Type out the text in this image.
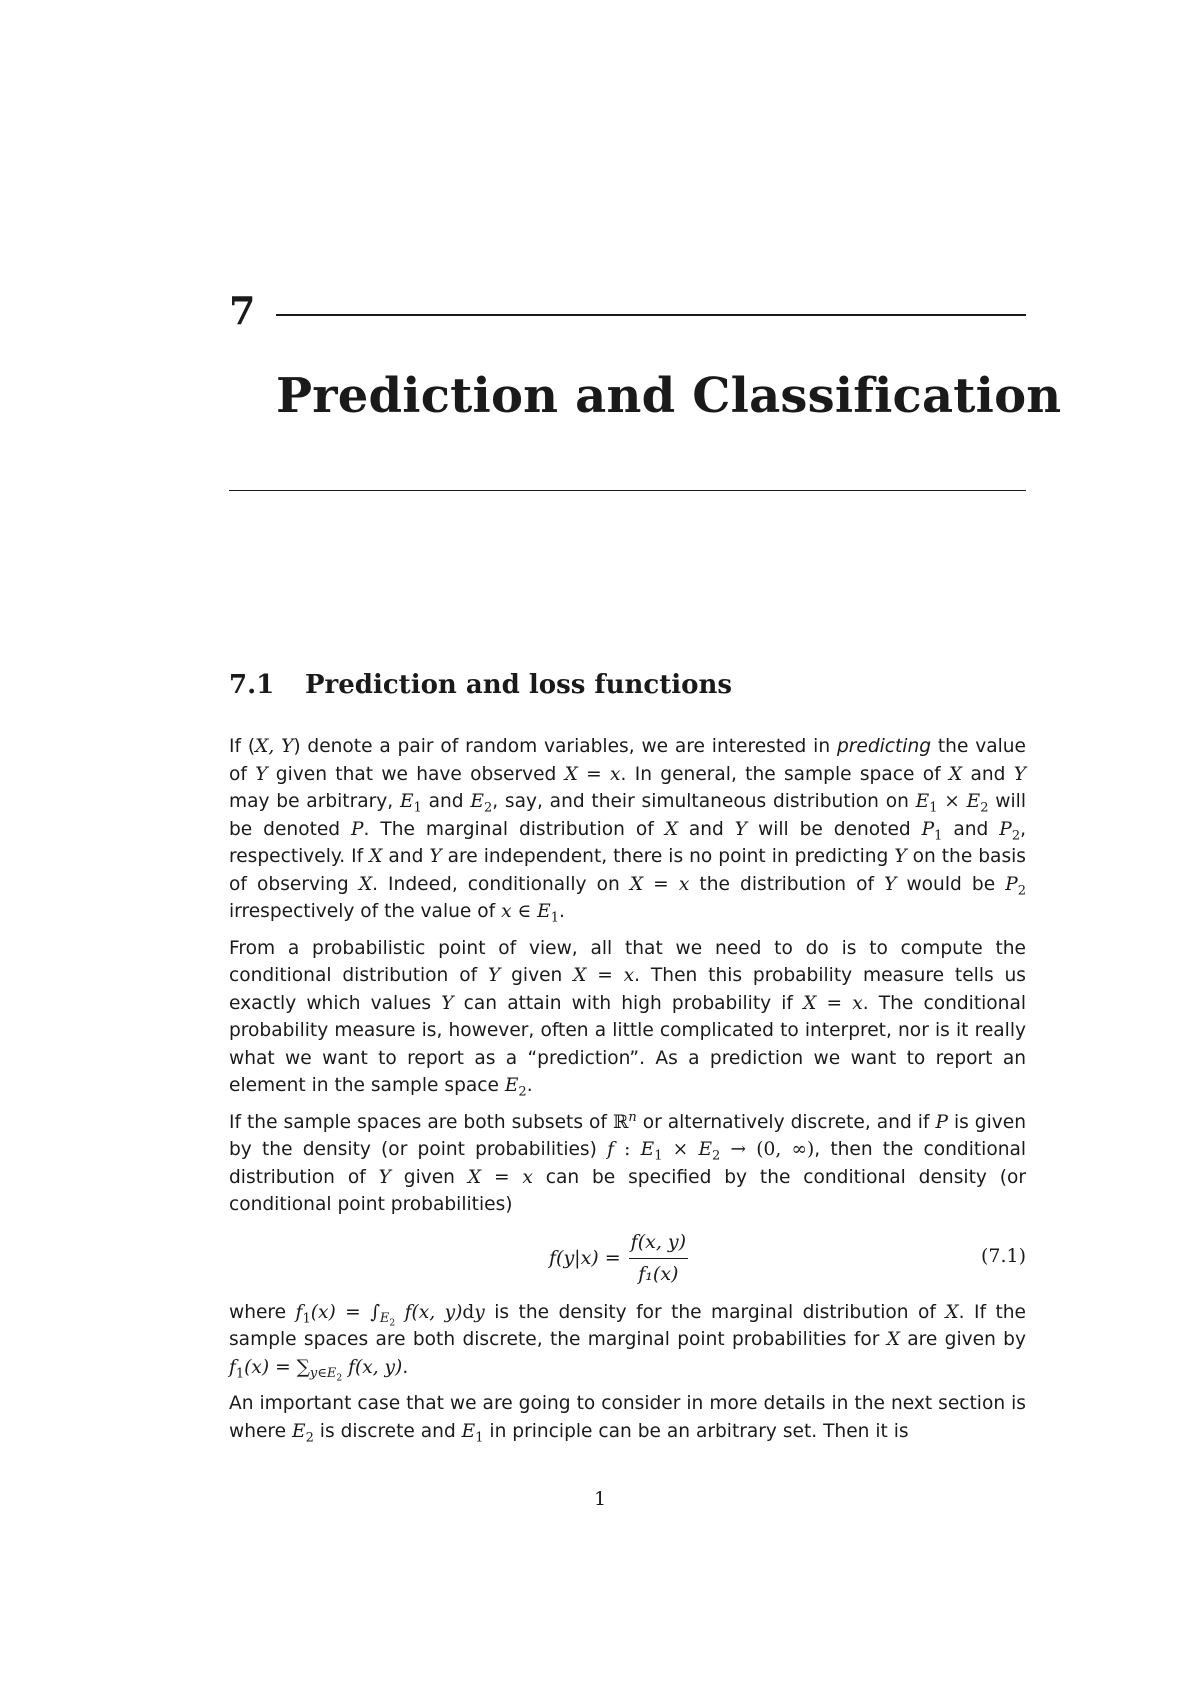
7
Prediction and Classification
7.1 Prediction and loss functions

If (X, Y) denote a pair of random variables, we are interested in predicting the value of Y given that we have observed X = x. In general, the sample space of X and Y may be arbitrary, $E_1$ and $E_2$, say, and their simultaneous distribution on $E_1 \times E_2$ will be denoted P. The marginal distribution of X and Y will be denoted $P_1$ and $P_2$, respectively. If X and Y are independent, there is no point in predicting Y on the basis of observing X. Indeed, conditionally on X = x the distribution of Y would be $P_2$ irrespectively of the value of x ∈ $E_1$.

From a probabilistic point of view, all that we need to do is to compute the conditional distribution of Y given X = x. Then this probability measure tells us exactly which values Y can attain with high probability if X = x. The conditional probability measure is, however, often a little complicated to interpret, nor is it really what we want to report as a “prediction”. As a prediction we want to report an element in the sample space $E_2$.

If the sample spaces are both subsets of ℝ$^n$ or alternatively discrete, and if P is given by the density (or point probabilities) f : $E_1 \times E_2 \to (0$, ∞), then the conditional distribution of Y given X = x can be specified by the conditional density (or conditional point probabilities)

$f(y|x) = \frac{f(x, y)}{\text{f₁(x)}}$	(7.1)

where $f_1(x) = \int_{E_2}$ f(x, y)dy is the density for the marginal distribution of X. If the sample spaces are both discrete, the marginal point probabilities for X are given by $f_1(x) = \sum_{y\in E_2}$ f(x, y).

An important case that we are going to consider in more details in the next section is where $E_2$ is discrete and $E_1$ in principle can be an arbitrary set. Then it is

1
